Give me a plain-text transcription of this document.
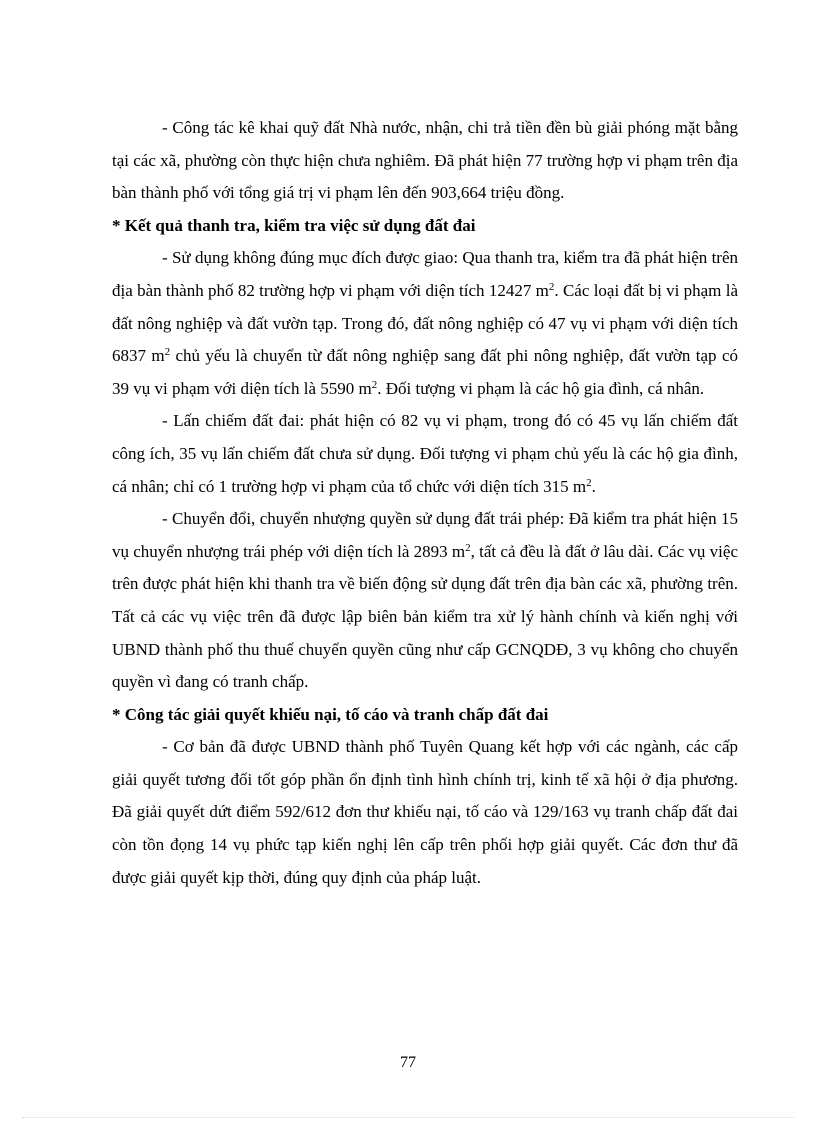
- Công tác kê khai quỹ đất Nhà nước, nhận, chi trả tiền đền bù giải phóng mặt bằng tại các xã, phường còn thực hiện chưa nghiêm. Đã phát hiện 77 trường hợp vi phạm trên địa bàn thành phố với tổng giá trị vi phạm lên đến 903,664 triệu đồng.

* Kết quả thanh tra, kiểm tra việc sử dụng đất đai

- Sử dụng không đúng mục đích được giao: Qua thanh tra, kiểm tra đã phát hiện trên địa bàn thành phố 82 trường hợp vi phạm với diện tích 12427 $m^2$. Các loại đất bị vi phạm là đất nông nghiệp và đất vườn tạp. Trong đó, đất nông nghiệp có 47 vụ vi phạm với diện tích 6837 $m^2$ chủ yếu là chuyển từ đất nông nghiệp sang đất phi nông nghiệp, đất vườn tạp có 39 vụ vi phạm với diện tích là 5590 $m^2$. Đối tượng vi phạm là các hộ gia đình, cá nhân.

- Lấn chiếm đất đai: phát hiện có 82 vụ vi phạm, trong đó có 45 vụ lấn chiếm đất công ích, 35 vụ lấn chiếm đất chưa sử dụng. Đối tượng vi phạm chủ yếu là các hộ gia đình, cá nhân; chỉ có 1 trường hợp vi phạm của tổ chức với diện tích 315 $m^2$.

- Chuyển đổi, chuyển nhượng quyền sử dụng đất trái phép: Đã kiểm tra phát hiện 15 vụ chuyển nhượng trái phép với diện tích là 2893 $m^2$, tất cả đều là đất ở lâu dài. Các vụ việc trên được phát hiện khi thanh tra về biến động sử dụng đất trên địa bàn các xã, phường trên. Tất cả các vụ việc trên đã được lập biên bản kiểm tra xử lý hành chính và kiến nghị với UBND thành phố thu thuế chuyển quyền cũng như cấp GCNQDĐ, 3 vụ không cho chuyển quyền vì đang có tranh chấp.

* Công tác giải quyết khiếu nại, tố cáo và tranh chấp đất đai

- Cơ bản đã được UBND thành phố Tuyên Quang kết hợp với các ngành, các cấp giải quyết tương đối tốt góp phần ổn định tình hình chính trị, kinh tế xã hội ở địa phương. Đã giải quyết dứt điểm 592/612 đơn thư khiếu nại, tố cáo và 129/163 vụ tranh chấp đất đai còn tồn đọng 14 vụ phức tạp kiến nghị lên cấp trên phối hợp giải quyết. Các đơn thư đã được giải quyết kịp thời, đúng quy định của pháp luật.

77
